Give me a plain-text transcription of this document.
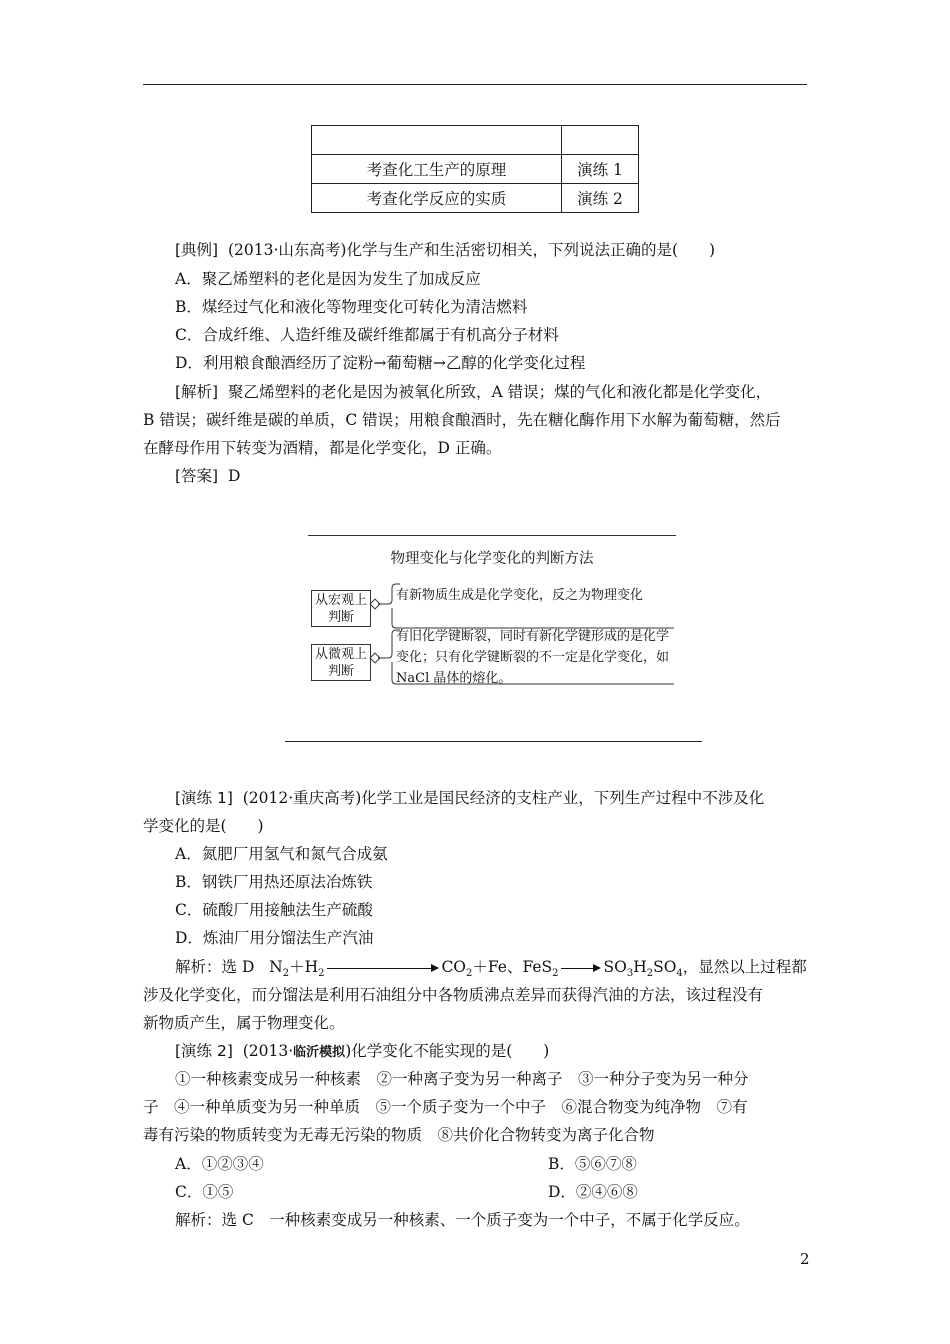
考查化工生产的原理	演练 1
考查化学反应的实质	演练 2
[典例] (2013·山东高考)化学与生产和生活密切相关，下列说法正确的是(　　)
A．聚乙烯塑料的老化是因为发生了加成反应
B．煤经过气化和液化等物理变化可转化为清洁燃料
C．合成纤维、人造纤维及碳纤维都属于有机高分子材料
D．利用粮食酿酒经历了淀粉→葡萄糖→乙醇的化学变化过程
[解析] 聚乙烯塑料的老化是因为被氧化所致，A 错误；煤的气化和液化都是化学变化，
B 错误；碳纤维是碳的单质，C 错误；用粮食酿酒时，先在糖化酶作用下水解为葡萄糖，然后
在酵母作用下转变为酒精，都是化学变化，D 正确。
[答案] D
物理变化与化学变化的判断方法
从宏观上判断
有新物质生成是化学变化，反之为物理变化
从微观上判断
有旧化学键断裂，同时有新化学键形成的是化学变化；只有化学键断裂的不一定是化学变化，如 NaCl 晶体的熔化。
[演练 1] (2012·重庆高考)化学工业是国民经济的支柱产业，下列生产过程中不涉及化
学变化的是(　　)
A．氮肥厂用氢气和氮气合成氨
B．钢铁厂用热还原法冶炼铁
C．硫酸厂用接触法生产硫酸
D．炼油厂用分馏法生产汽油
解析：选 D $N_2+H_2$	$CO_2+Fe$、FeS$_2$	$SO_3H_2SO_4$，显然以上过程都
涉及化学变化，而分馏法是利用石油组分中各物质沸点差异而获得汽油的方法，该过程没有
新物质产生，属于物理变化。
[演练 2] (2013·临沂模拟)化学变化不能实现的是(　　)
①一种核素变成另一种核素　②一种离子变为另一种离子　③一种分子变为另一种分
子　④一种单质变为另一种单质　⑤一个质子变为一个中子　⑥混合物变为纯净物　⑦有
毒有污染的物质转变为无毒无污染的物质　⑧共价化合物转变为离子化合物
A．①②③④	B．⑤⑥⑦⑧
C．①⑤	D．②④⑥⑧
解析：选 C　一种核素变成另一种核素、一个质子变为一个中子，不属于化学反应。
2
